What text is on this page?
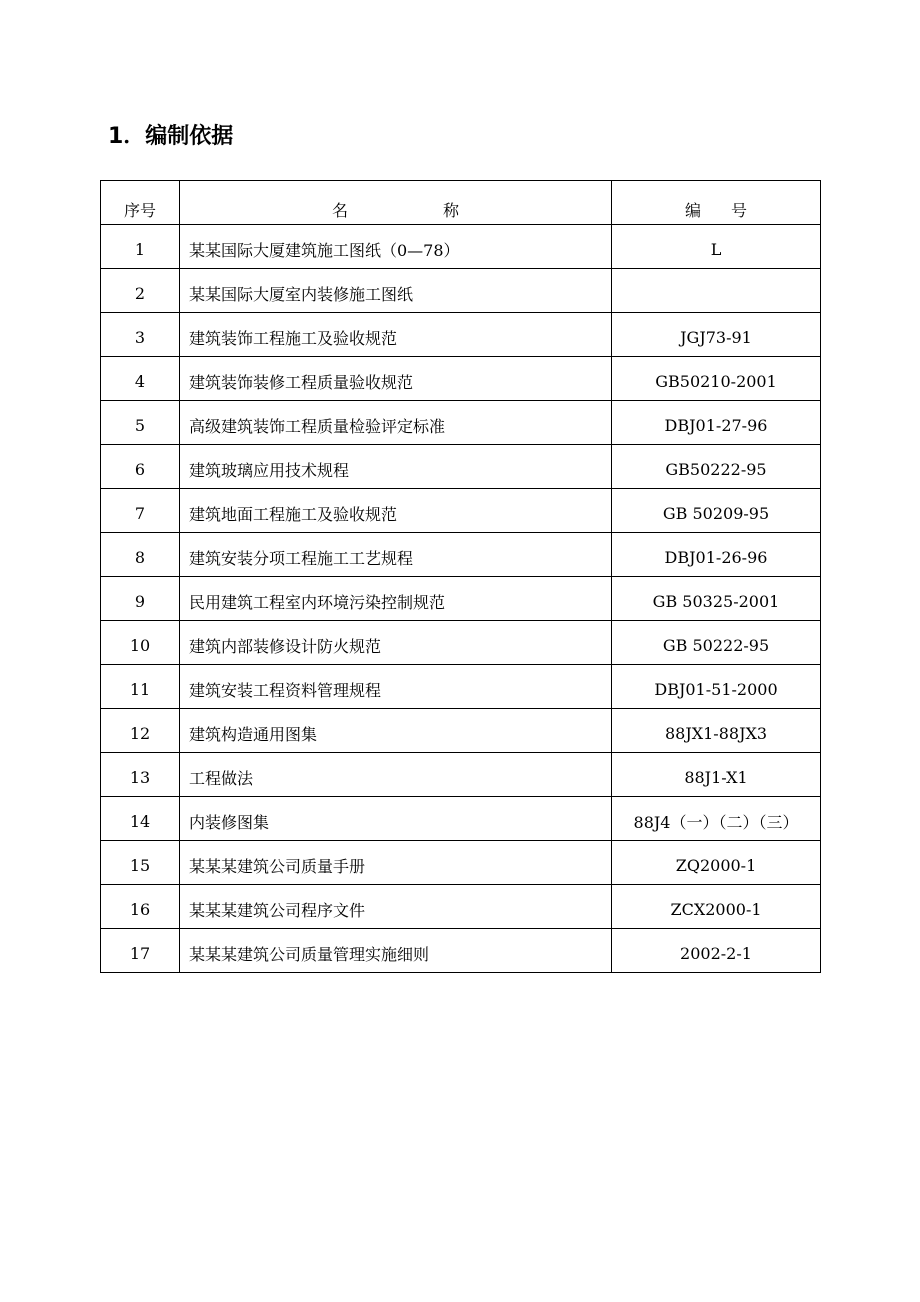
1．编制依据
序号	名 称	编 号
1	某某国际大厦建筑施工图纸（0—78）	L
2	某某国际大厦室内装修施工图纸	
3	建筑装饰工程施工及验收规范	JGJ73-91
4	建筑装饰装修工程质量验收规范	GB50210-2001
5	高级建筑装饰工程质量检验评定标准	DBJ01-27-96
6	建筑玻璃应用技术规程	GB50222-95
7	建筑地面工程施工及验收规范	GB 50209-95
8	建筑安装分项工程施工工艺规程	DBJ01-26-96
9	民用建筑工程室内环境污染控制规范	GB 50325-2001
10	建筑内部装修设计防火规范	GB 50222-95
11	建筑安装工程资料管理规程	DBJ01-51-2000
12	建筑构造通用图集	88JX1-88JX3
13	工程做法	88J1-X1
14	内装修图集	88J4（一）（二）（三）
15	某某某建筑公司质量手册	ZQ2000-1
16	某某某建筑公司程序文件	ZCX2000-1
17	某某某建筑公司质量管理实施细则	2002-2-1
